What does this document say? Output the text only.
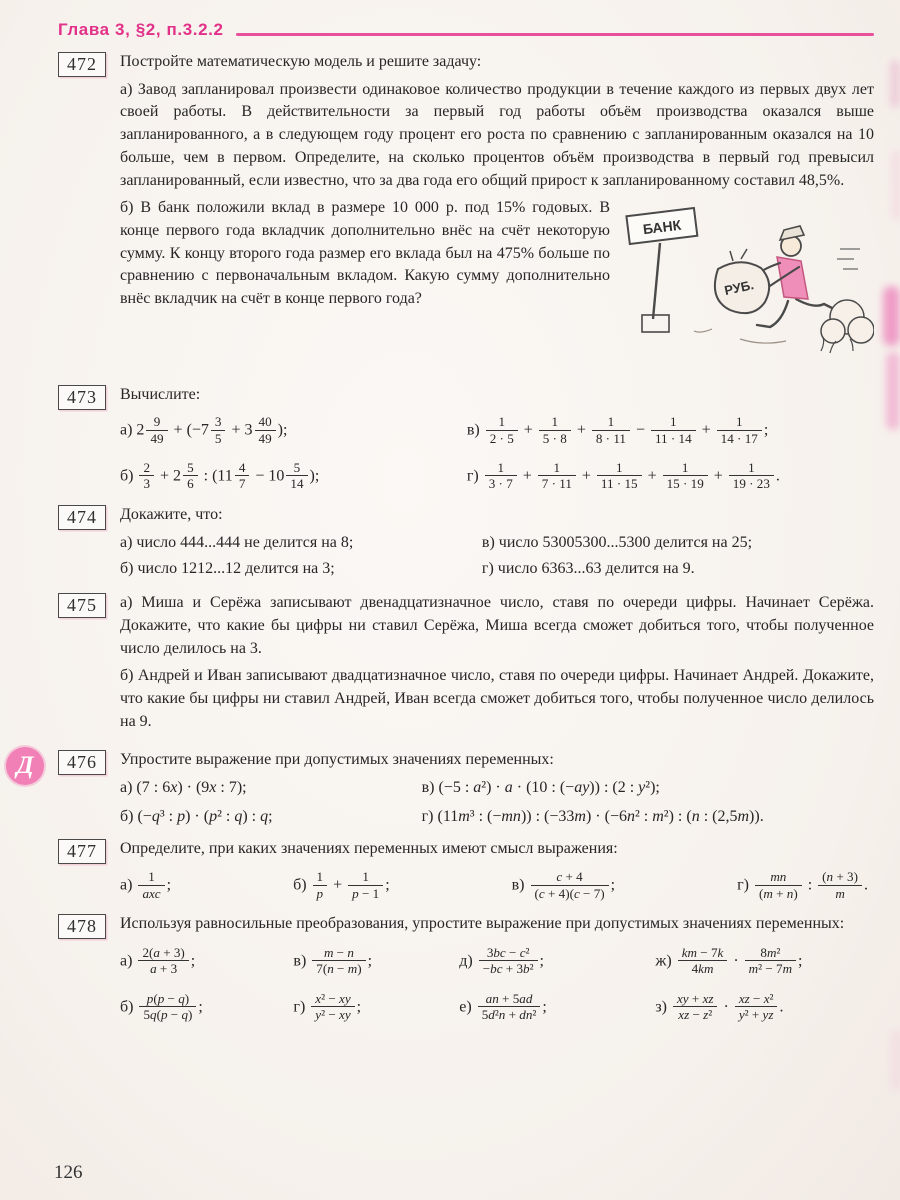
Глава 3, §2, п.3.2.2
472	Постройте математическую модель и решите задачу:

а) Завод запланировал произвести одинаковое количество продукции в течение каждого из первых двух лет своей работы. В действительности за первый год работы объём производства оказался выше запланированного, а в следующем году процент его роста по сравнению с запланированным оказался на 10 больше, чем в первом. Определите, на сколько процентов объём производства в первый год превысил запланированный, если известно, что за два года его общий прирост к запланированному составил 48,5%.

БАНК
РУБ.

б) В банк положили вклад в размере 10 000 р. под 15% годовых. В конце первого года вкладчик дополнительно внёс на счёт некоторую сумму. К концу второго года размер его вклада был на 475% больше по сравнению с первоначальным вкладом. Какую сумму дополнительно внёс вкладчик на счёт в конце первого года?

473	Вычислите:

а) $2 \frac{9}{49} + (-7 \frac{3}{5} + 3 \frac{40}{49}$ );	$в) \frac{1}{2 \cdot 5} + \frac{1}{5 \cdot 8} + \frac{1}{8 \cdot 11} - \frac{1}{11 \cdot 14} + \frac{1}{14 \cdot 17}$ ;
$б) \frac{2}{3} + 2 \frac{5}{6}$ : ($11 \frac{4}{7} - 10 \frac{5}{14}$ );	$г) \frac{1}{3 \cdot 7} + \frac{1}{7 \cdot 11} + \frac{1}{11 \cdot 15} + \frac{1}{15 \cdot 19} + \frac{1}{19 \cdot 23}$ .
474	Докажите, что:

а) число 444...444 не делится на 8;	в) число 53005300...5300 делится на 25;
б) число 1212...12 делится на 3;	г) число 6363...63 делится на 9.
475	а) Миша и Серёжа записывают двенадцатизначное число, ставя по очереди цифры. Начинает Серёжа. Докажите, что какие бы цифры ни ставил Серёжа, Миша всегда сможет добиться того, чтобы полученное число делилось на 3.

б) Андрей и Иван записывают двадцатизначное число, ставя по очереди цифры. Начинает Андрей. Докажите, что какие бы цифры ни ставил Андрей, Иван всегда сможет добиться того, чтобы полученное число делилось на 9.

Д	476	Упростите выражение при допустимых значениях переменных:

а) (7 : 6x) · (9x : 7);	в) (−5 : a²) · a · (10 : (−ay)) : (2 : y²);
б) (−q³ : p) · (p² : q) : q;	г) (11m³ : (−mn)) : (−33m) · (−6n² : m²) : (n : (2,5m)).
477	Определите, при каких значениях переменных имеют смысл выражения:

$а) \frac{1}{\text{axc}}$ ;	$б) \frac{1}{p} + \frac{1}{p - 1}$ ;	$в) \frac{c + 4}{(c + 4)(c - 7)}$ ;	$г) \frac{mn}{(m + n)}$ : $\frac{(n + 3)}{m}$ .
478	Используя равносильные преобразования, упростите выражение при допустимых значениях переменных:

$а) \frac{2(a + 3)}{a + 3}$ ;	$в) \frac{m - n}{7(n - m)}$ ;	$д) \frac{\text{3bc − c²}}{\text{−bc + 3b²}}$ ;	$ж) \frac{km - 7k}{4km} \cdot \frac{\text{8m²}}{\text{m² − 7m}}$ ;
$б) \frac{p(p - q)}{5q(p - q)}$ ;	$г) \frac{\text{x² − xy}}{\text{y² − xy}}$ ;	$е) \frac{an + 5ad}{\text{5d²n + dn²}}$ ;	$з) \frac{xy + xz}{\text{xz − z²}} \cdot \frac{\text{xz − x²}}{\text{y² + yz}}$ .
126
